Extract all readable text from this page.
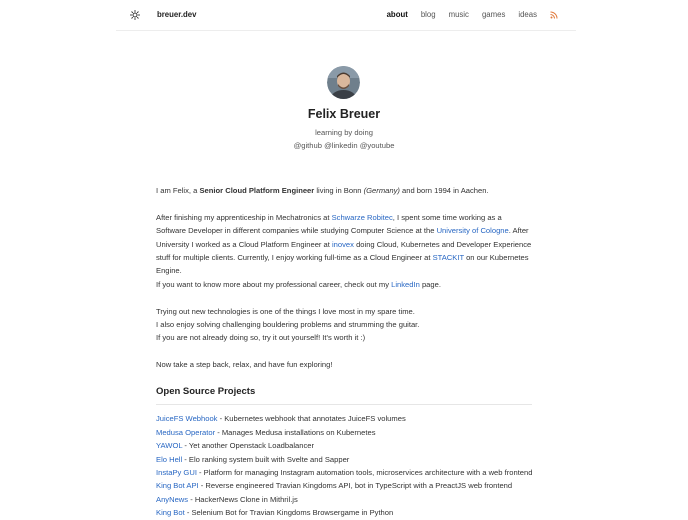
breuer.dev	about blog music games ideas
Felix Breuer
learning by doing
@github @linkedin @youtube

I am Felix, a Senior Cloud Platform Engineer living in Bonn (Germany) and born 1994 in Aachen.

After finishing my apprenticeship in Mechatronics at Schwarze Robitec, I spent some time working as a Software Developer in different companies while studying Computer Science at the University of Cologne. After University I worked as a Cloud Platform Engineer at inovex doing Cloud, Kubernetes and Developer Experience stuff for multiple clients. Currently, I enjoy working full-time as a Cloud Engineer at STACKIT on our Kubernetes Engine.
If you want to know more about my professional career, check out my LinkedIn page.

Trying out new technologies is one of the things I love most in my spare time.
I also enjoy solving challenging bouldering problems and strumming the guitar.
If you are not already doing so, try it out yourself! It's worth it :)

Now take a step back, relax, and have fun exploring!

Open Source Projects
JuiceFS Webhook - Kubernetes webhook that annotates JuiceFS volumes
Medusa Operator - Manages Medusa installations on Kubernetes
YAWOL - Yet another Openstack Loadbalancer
Elo Hell - Elo ranking system built with Svelte and Sapper
InstaPy GUI - Platform for managing Instagram automation tools, microservices architecture with a web frontend
King Bot API - Reverse engineered Travian Kingdoms API, bot in TypeScript with a PreactJS web frontend
AnyNews - HackerNews Clone in Mithril.js
King Bot - Selenium Bot for Travian Kingdoms Browsergame in Python
